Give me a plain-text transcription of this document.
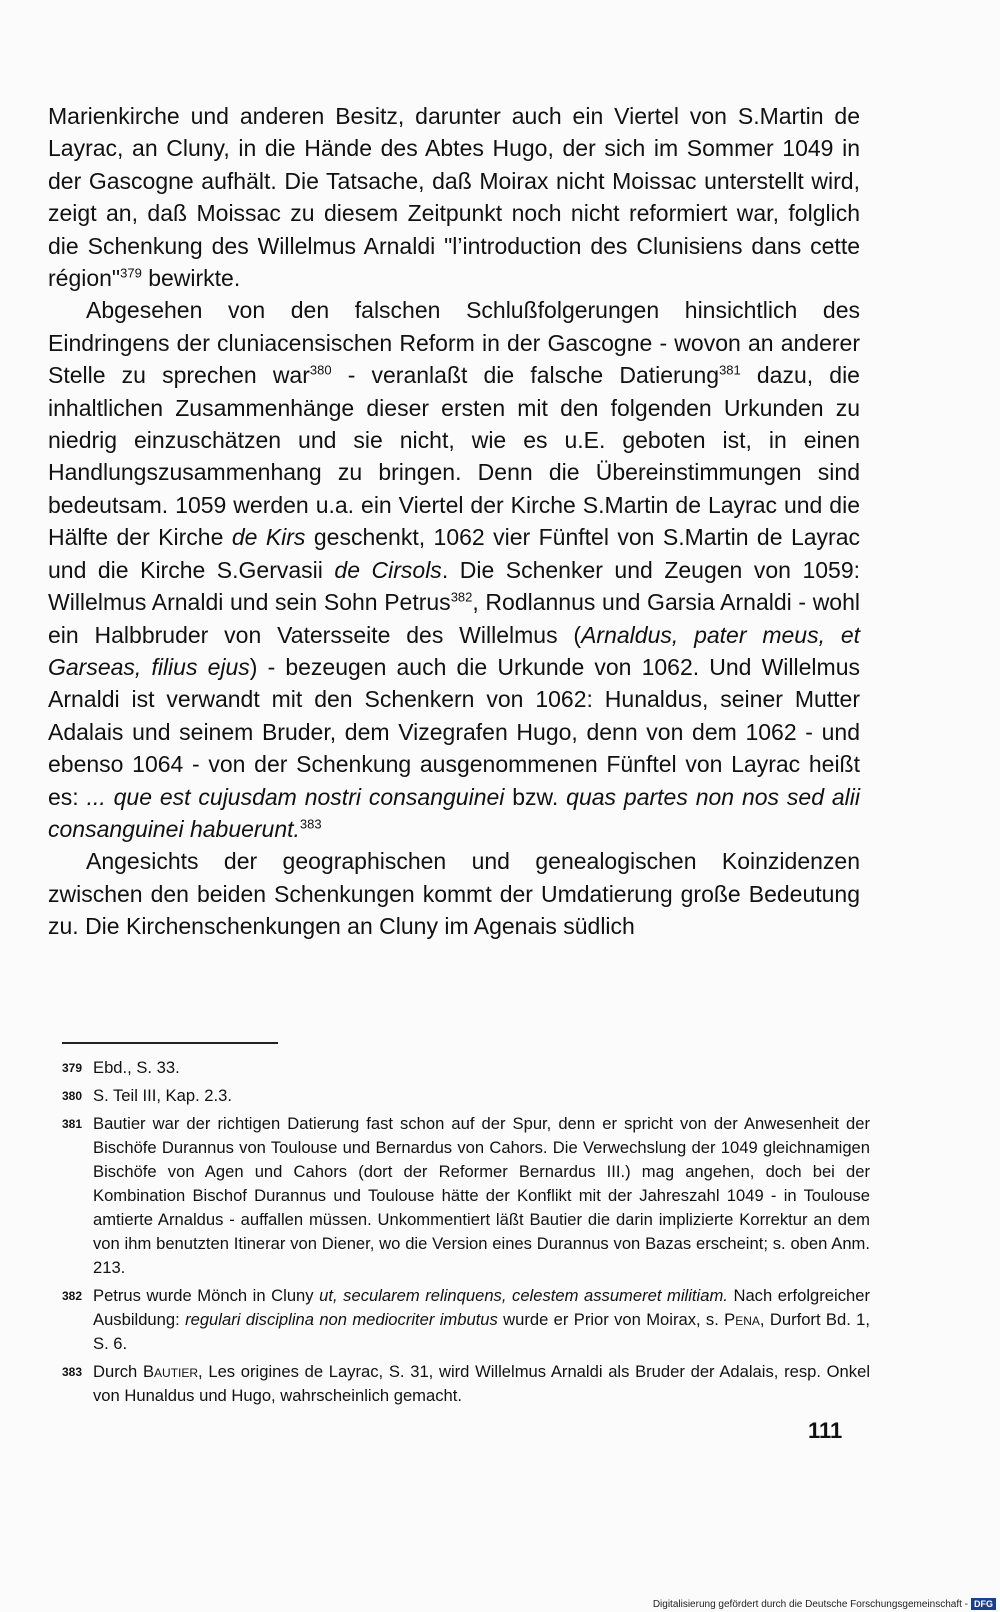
Marienkirche und anderen Besitz, darunter auch ein Viertel von S.Martin de Layrac, an Cluny, in die Hände des Abtes Hugo, der sich im Sommer 1049 in der Gascogne aufhält. Die Tatsache, daß Moirax nicht Moissac unterstellt wird, zeigt an, daß Moissac zu diesem Zeitpunkt noch nicht reformiert war, folglich die Schenkung des Willelmus Arnaldi "l’introduction des Clunisiens dans cette région"$^{379}$ bewirkte.

Abgesehen von den falschen Schlußfolgerungen hinsichtlich des Eindringens der cluniacensischen Reform in der Gascogne - wovon an anderer Stelle zu sprechen war$^{380}$ - veranlaßt die falsche Datierung$^{381}$ dazu, die inhaltlichen Zusammenhänge dieser ersten mit den folgenden Urkunden zu niedrig einzuschätzen und sie nicht, wie es u.E. geboten ist, in einen Handlungszusammenhang zu bringen. Denn die Übereinstimmungen sind bedeutsam. 1059 werden u.a. ein Viertel der Kirche S.Martin de Layrac und die Hälfte der Kirche de Kirs geschenkt, 1062 vier Fünftel von S.Martin de Layrac und die Kirche S.Gervasii de Cirsols. Die Schenker und Zeugen von 1059: Willelmus Arnaldi und sein Sohn Petrus$^{382}$, Rodlannus und Garsia Arnaldi - wohl ein Halbbruder von Vatersseite des Willelmus (Arnaldus, pater meus, et Garseas, filius ejus) - bezeugen auch die Urkunde von 1062. Und Willelmus Arnaldi ist verwandt mit den Schenkern von 1062: Hunaldus, seiner Mutter Adalais und seinem Bruder, dem Vizegrafen Hugo, denn von dem 1062 - und ebenso 1064 - von der Schenkung ausgenommenen Fünftel von Layrac heißt es: ... que est cujusdam nostri consanguinei bzw. quas partes non nos sed alii consanguinei habuerunt.$^{383}$

Angesichts der geographischen und genealogischen Koinzidenzen zwischen den beiden Schenkungen kommt der Umdatierung große Bedeutung zu. Die Kirchenschenkungen an Cluny im Agenais südlich

379 Ebd., S. 33.
380 S. Teil III, Kap. 2.3.
381 Bautier war der richtigen Datierung fast schon auf der Spur, denn er spricht von der Anwesenheit der Bischöfe Durannus von Toulouse und Bernardus von Cahors. Die Verwechslung der 1049 gleichnamigen Bischöfe von Agen und Cahors (dort der Reformer Bernardus III.) mag angehen, doch bei der Kombination Bischof Durannus und Toulouse hätte der Konflikt mit der Jahreszahl 1049 - in Toulouse amtierte Arnaldus - auffallen müssen. Unkommentiert läßt Bautier die darin implizierte Korrektur an dem von ihm benutzten Itinerar von Diener, wo die Version eines Durannus von Bazas erscheint; s. oben Anm. 213.
382 Petrus wurde Mönch in Cluny ut, secularem relinquens, celestem assumeret militiam. Nach erfolgreicher Ausbildung: regulari disciplina non mediocriter imbutus wurde er Prior von Moirax, s. Pena, Durfort Bd. 1, S. 6.
383 Durch Bautier, Les origines de Layrac, S. 31, wird Willelmus Arnaldi als Bruder der Adalais, resp. Onkel von Hunaldus und Hugo, wahrscheinlich gemacht.
111
Digitalisierung gefördert durch die Deutsche Forschungsgemeinschaft - DFG
